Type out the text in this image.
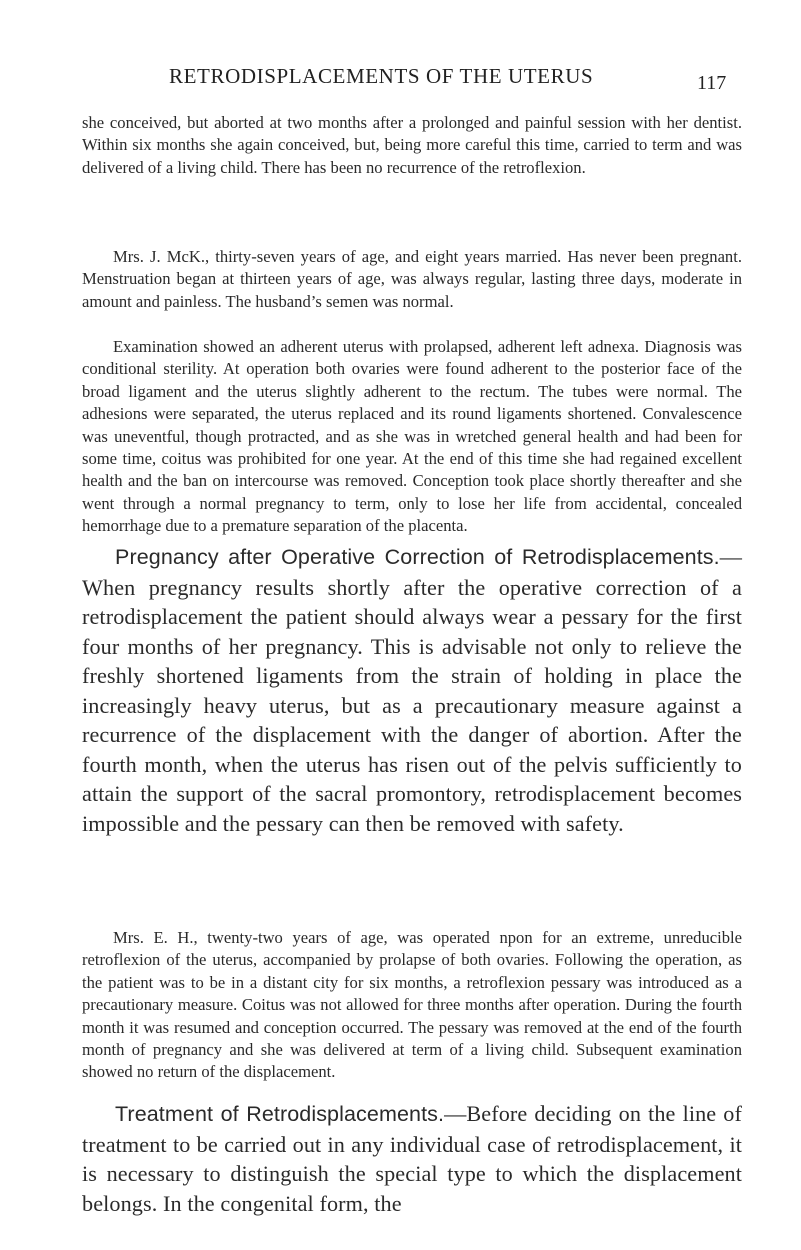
RETRODISPLACEMENTS OF THE UTERUS	117

she conceived, but aborted at two months after a prolonged and painful session with her dentist. Within six months she again conceived, but, being more careful this time, carried to term and was delivered of a living child. There has been no recurrence of the retroflexion.

Mrs. J. McK., thirty-seven years of age, and eight years married. Has never been pregnant. Menstruation began at thirteen years of age, was always regular, lasting three days, moderate in amount and painless. The husband’s semen was normal.

Examination showed an adherent uterus with prolapsed, adherent left adnexa. Diagnosis was conditional sterility. At operation both ovaries were found adherent to the posterior face of the broad ligament and the uterus slightly adherent to the rectum. The tubes were normal. The adhesions were separated, the uterus replaced and its round ligaments shortened. Convalescence was uneventful, though protracted, and as she was in wretched general health and had been for some time, coitus was prohibited for one year. At the end of this time she had regained excellent health and the ban on intercourse was removed. Conception took place shortly thereafter and she went through a normal pregnancy to term, only to lose her life from accidental, concealed hemorrhage due to a premature separation of the placenta.

Pregnancy after Operative Correction of Retrodisplacements.—When pregnancy results shortly after the operative correction of a retrodisplacement the patient should always wear a pessary for the first four months of her pregnancy. This is advisable not only to relieve the freshly shortened ligaments from the strain of holding in place the increasingly heavy uterus, but as a precautionary measure against a recurrence of the displacement with the danger of abortion. After the fourth month, when the uterus has risen out of the pelvis sufficiently to attain the support of the sacral promontory, retrodisplacement becomes impossible and the pessary can then be removed with safety.

Mrs. E. H., twenty-two years of age, was operated npon for an extreme, unreducible retroflexion of the uterus, accompanied by prolapse of both ovaries. Following the operation, as the patient was to be in a distant city for six months, a retroflexion pessary was introduced as a precautionary measure. Coitus was not allowed for three months after operation. During the fourth month it was resumed and conception occurred. The pessary was removed at the end of the fourth month of pregnancy and she was delivered at term of a living child. Subsequent examination showed no return of the displacement.

Treatment of Retrodisplacements.—Before deciding on the line of treatment to be carried out in any individual case of retrodisplacement, it is necessary to distinguish the special type to which the displacement belongs. In the congenital form, the
